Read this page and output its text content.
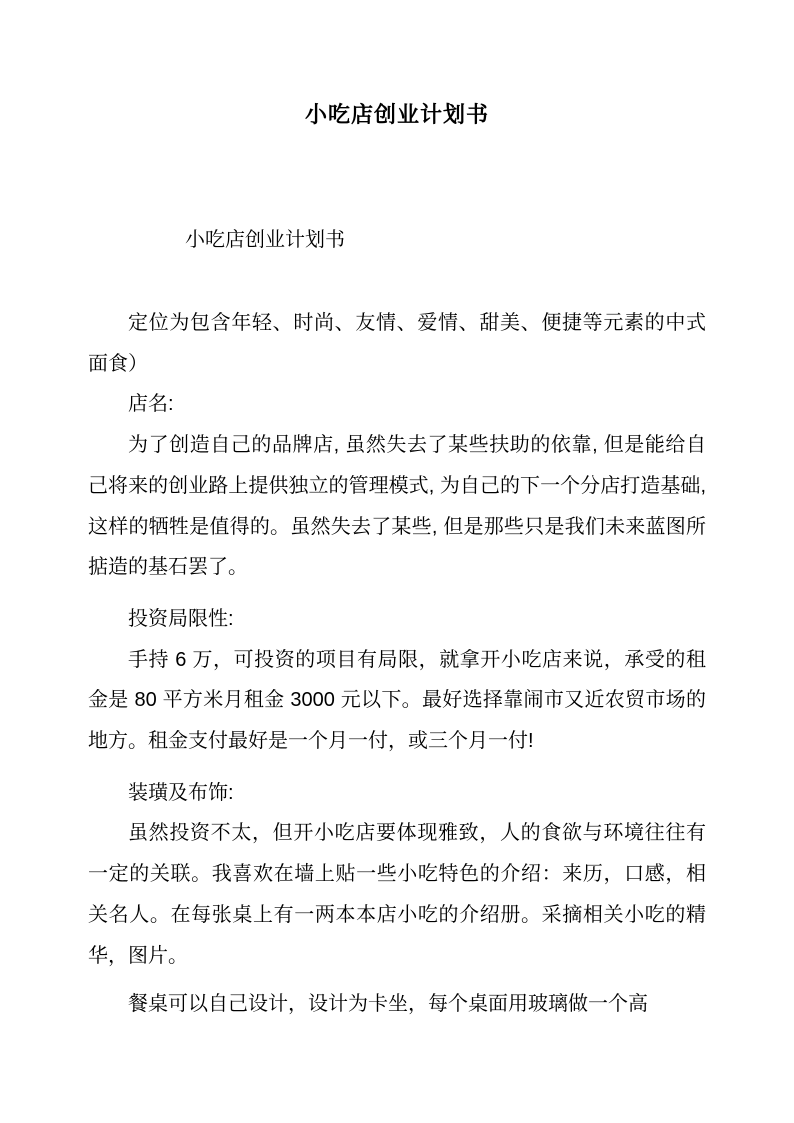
小吃店创业计划书

小吃店创业计划书

定位为包含年轻、时尚、友情、爱情、甜美、便捷等元素的中式面食）

店名:

为了创造自己的品牌店, 虽然失去了某些扶助的依靠, 但是能给自己将来的创业路上提供独立的管理模式, 为自己的下一个分店打造基础, 这样的牺牲是值得的。虽然失去了某些, 但是那些只是我们未来蓝图所掂造的基石罢了。

投资局限性:

手持 6 万，可投资的项目有局限，就拿开小吃店来说，承受的租金是 80 平方米月租金 3000 元以下。最好选择靠闹市又近农贸市场的地方。租金支付最好是一个月一付，或三个月一付!

装璜及布饰:

虽然投资不太，但开小吃店要体现雅致，人的食欲与环境往往有一定的关联。我喜欢在墙上贴一些小吃特色的介绍：来历，口感，相关名人。在每张桌上有一两本本店小吃的介绍册。采摘相关小吃的精华，图片。

餐桌可以自己设计，设计为卡坐，每个桌面用玻璃做一个高
